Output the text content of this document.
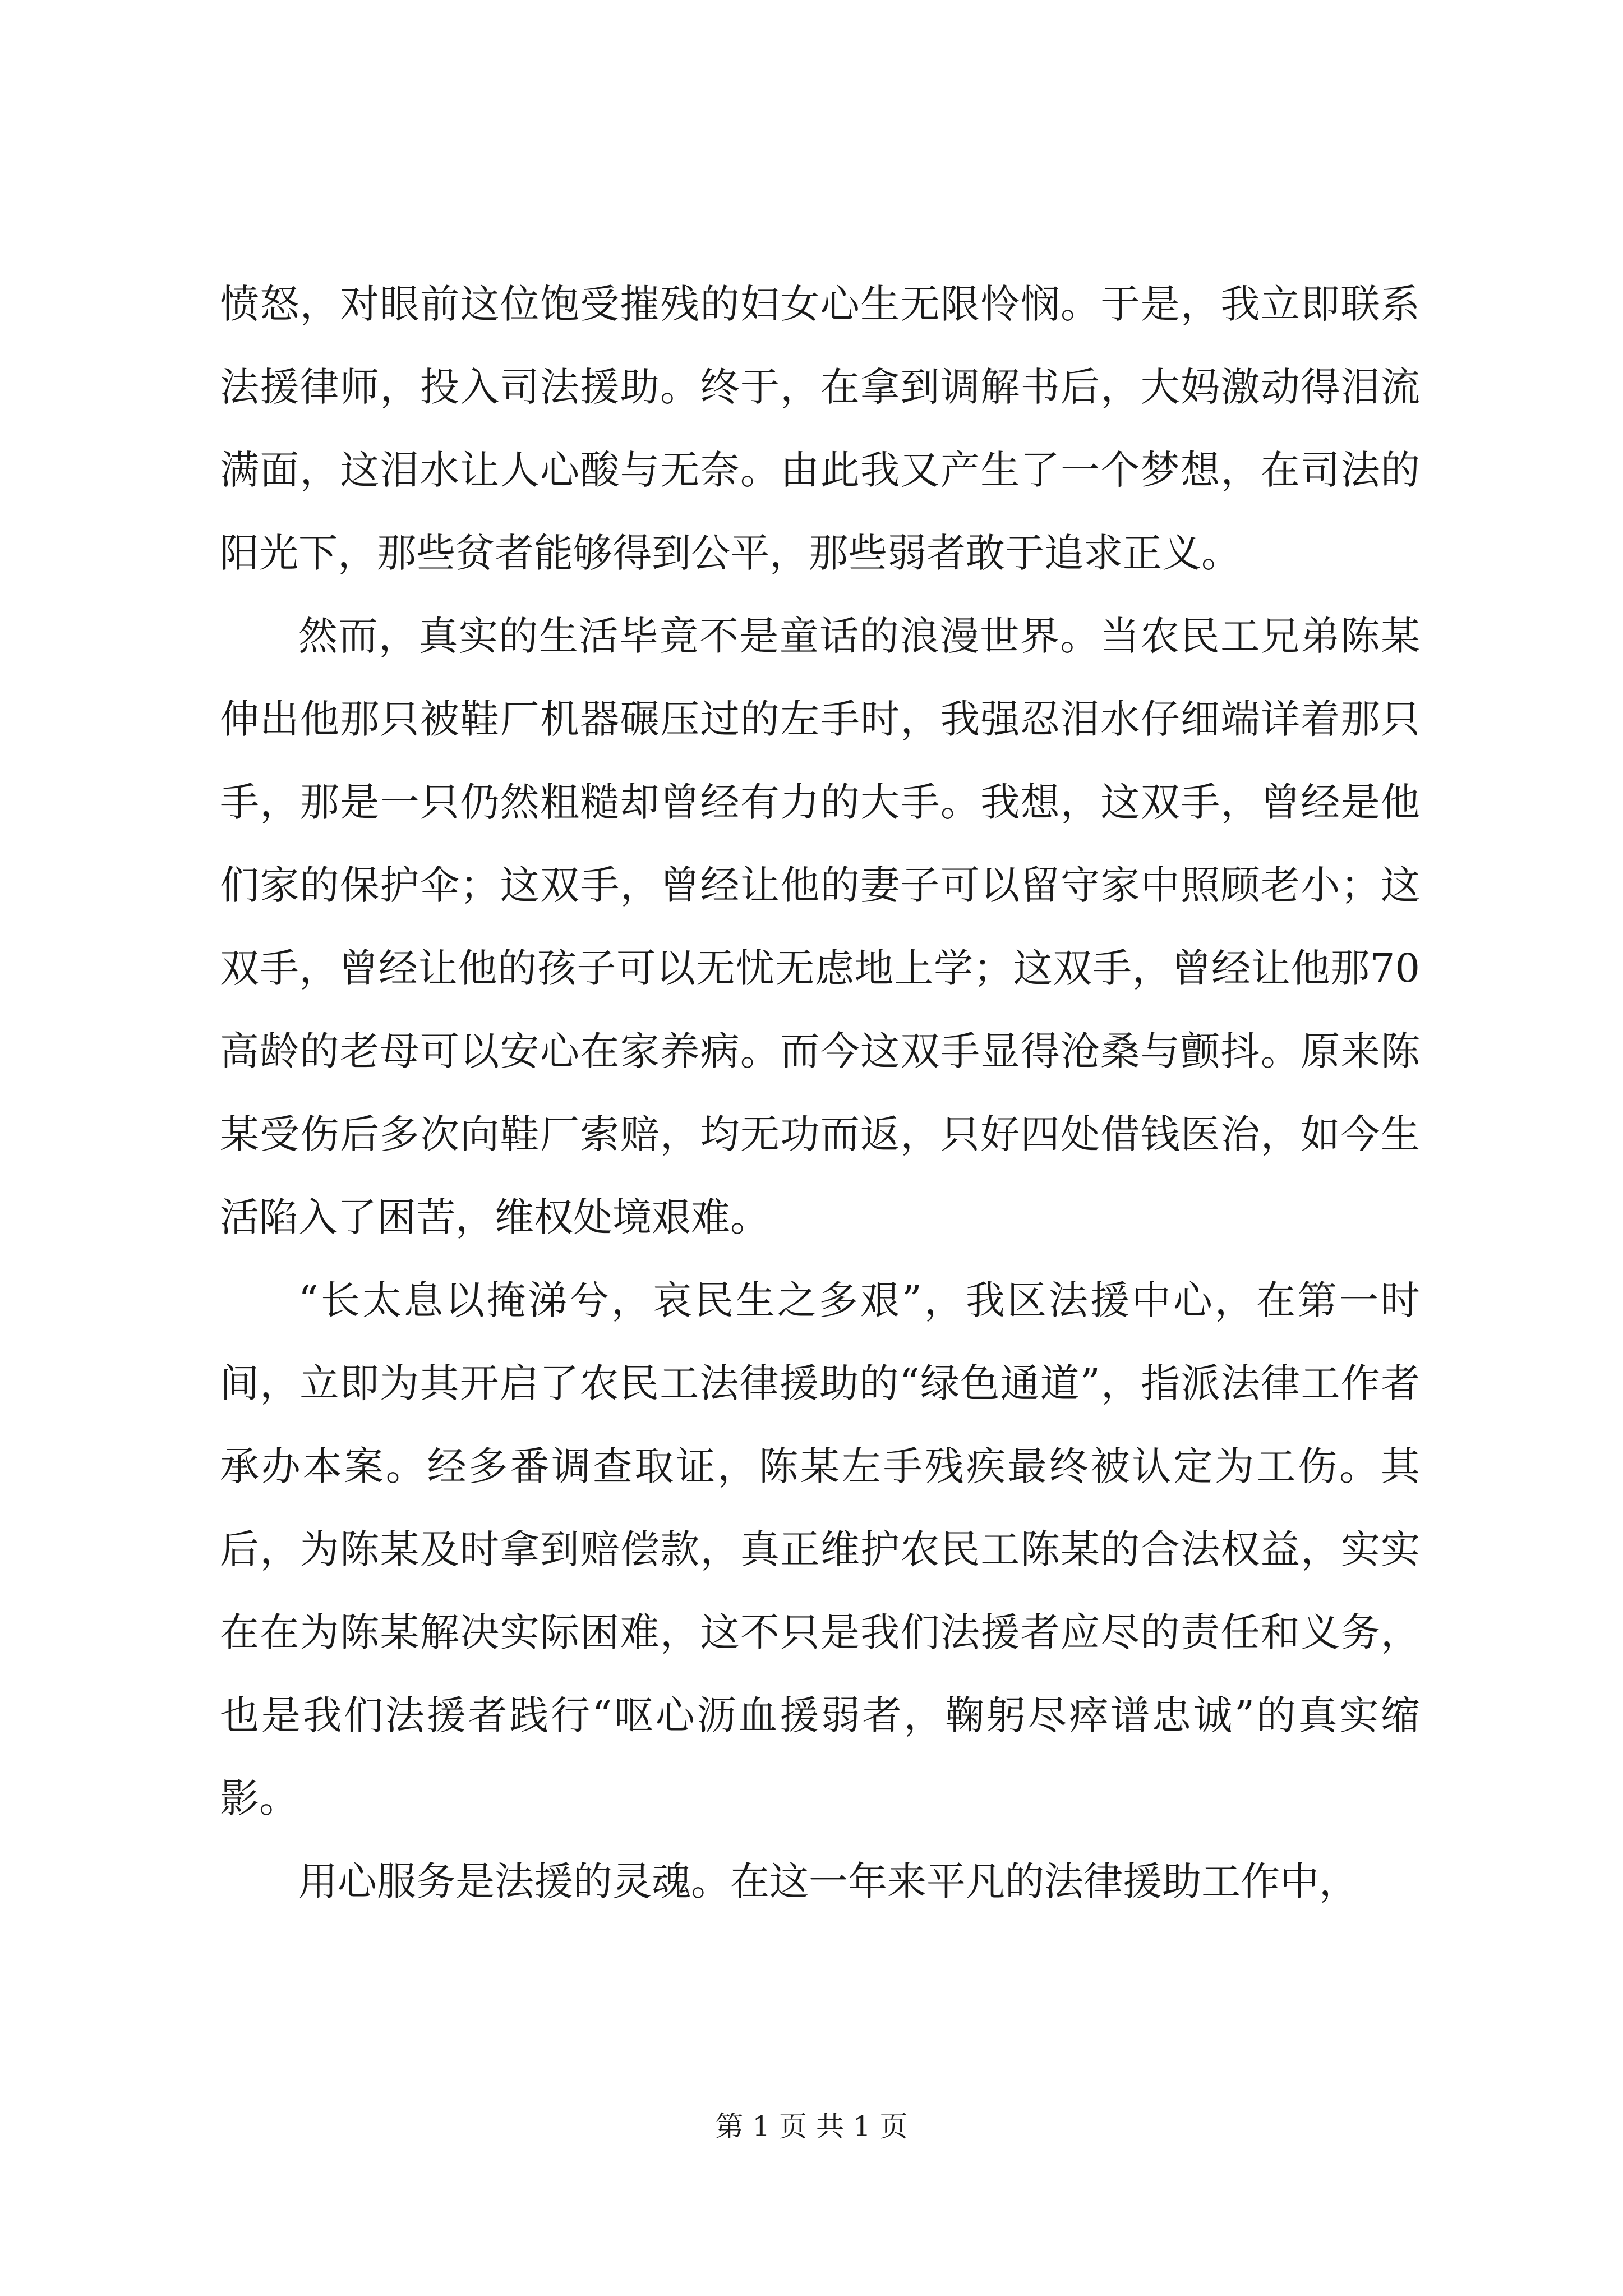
愤怒，对眼前这位饱受摧残的妇女心生无限怜悯。于是，我立即联系法援律师，投入司法援助。终于，在拿到调解书后，大妈激动得泪流满面，这泪水让人心酸与无奈。由此我又产生了一个梦想，在司法的阳光下，那些贫者能够得到公平，那些弱者敢于追求正义。

然而，真实的生活毕竟不是童话的浪漫世界。当农民工兄弟陈某伸出他那只被鞋厂机器碾压过的左手时，我强忍泪水仔细端详着那只手，那是一只仍然粗糙却曾经有力的大手。我想，这双手，曾经是他们家的保护伞；这双手，曾经让他的妻子可以留守家中照顾老小；这双手，曾经让他的孩子可以无忧无虑地上学；这双手，曾经让他那70高龄的老母可以安心在家养病。而今这双手显得沧桑与颤抖。原来陈某受伤后多次向鞋厂索赔，均无功而返，只好四处借钱医治，如今生活陷入了困苦，维权处境艰难。

“长太息以掩涕兮，哀民生之多艰”，我区法援中心，在第一时间，立即为其开启了农民工法律援助的“绿色通道”，指派法律工作者承办本案。经多番调查取证，陈某左手残疾最终被认定为工伤。其后，为陈某及时拿到赔偿款，真正维护农民工陈某的合法权益，实实在在为陈某解决实际困难，这不只是我们法援者应尽的责任和义务，也是我们法援者践行“呕心沥血援弱者，鞠躬尽瘁谱忠诚”的真实缩影。

用心服务是法援的灵魂。在这一年来平凡的法律援助工作中，

第 1 页 共 1 页
